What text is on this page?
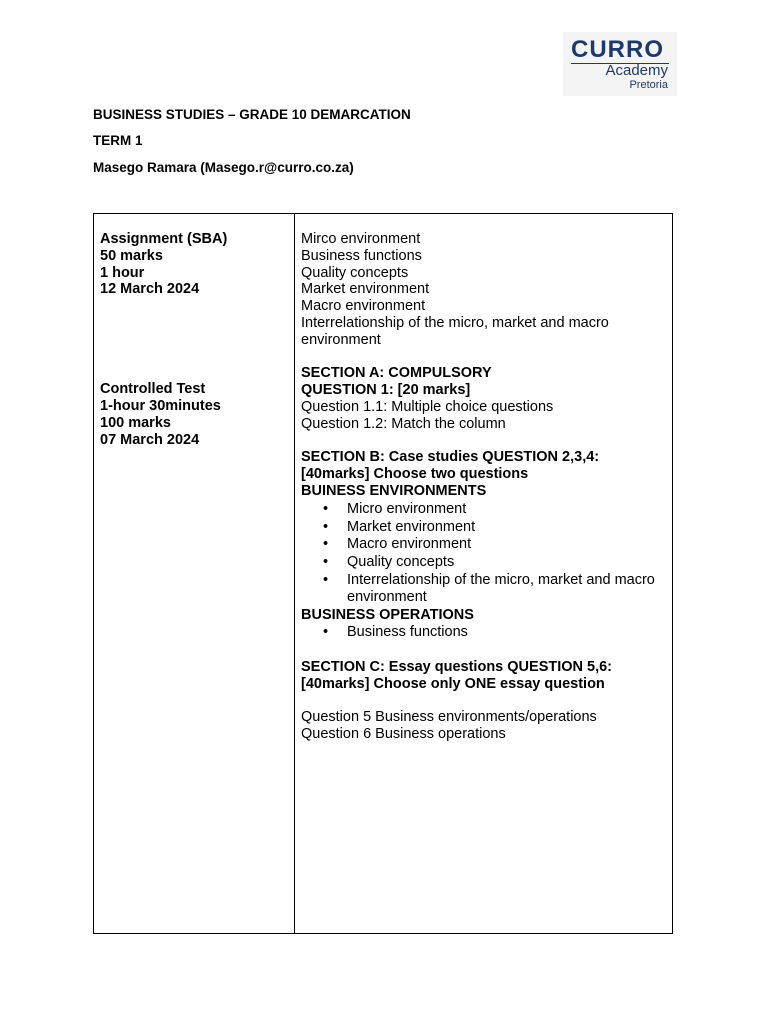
CURRO
Academy
Pretoria
BUSINESS STUDIES – GRADE 10 DEMARCATION
TERM 1
Masego Ramara (Masego.r@curro.co.za)
Assignment (SBA)
50 marks
1 hour
12 March 2024
Controlled Test
1-hour 30minutes
100 marks
07 March 2024
Mirco environment
Business functions
Quality concepts
Market environment
Macro environment
Interrelationship of the micro, market and macro environment
SECTION A: COMPULSORY
QUESTION 1: [20 marks]
Question 1.1: Multiple choice questions
Question 1.2: Match the column
SECTION B: Case studies QUESTION 2,3,4: [40marks] Choose two questions
BUINESS ENVIRONMENTS
• Micro environment
• Market environment
• Macro environment
• Quality concepts
• Interrelationship of the micro, market and macro environment
BUSINESS OPERATIONS
• Business functions
SECTION C: Essay questions QUESTION 5,6: [40marks] Choose only ONE essay question
Question 5 Business environments/operations
Question 6 Business operations
